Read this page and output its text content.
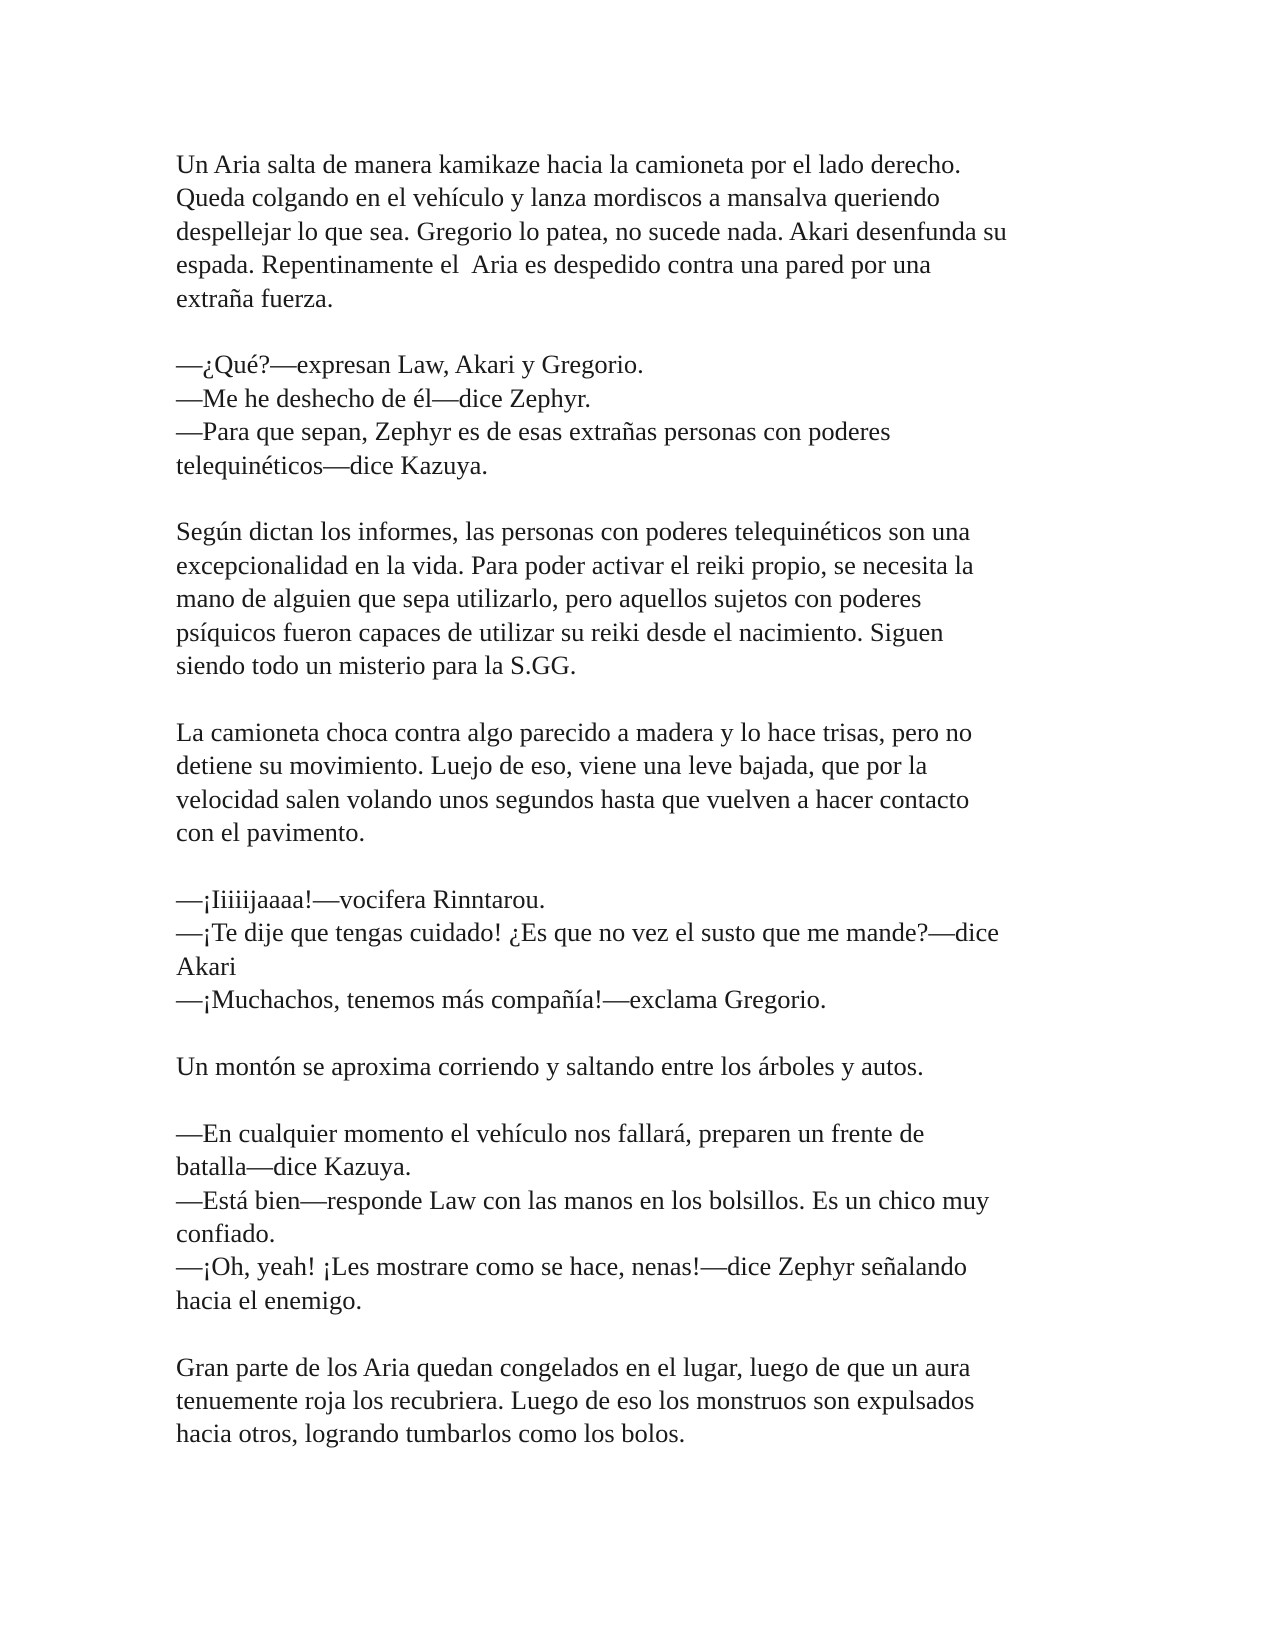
Un Aria salta de manera kamikaze hacia la camioneta por el lado derecho.
Queda colgando en el vehículo y lanza mordiscos a mansalva queriendo
despellejar lo que sea. Gregorio lo patea, no sucede nada. Akari desenfunda su
espada. Repentinamente el  Aria es despedido contra una pared por una
extraña fuerza.

—¿Qué?—expresan Law, Akari y Gregorio.
—Me he deshecho de él—dice Zephyr.
—Para que sepan, Zephyr es de esas extrañas personas con poderes
telequinéticos—dice Kazuya.

Según dictan los informes, las personas con poderes telequinéticos son una
excepcionalidad en la vida. Para poder activar el reiki propio, se necesita la
mano de alguien que sepa utilizarlo, pero aquellos sujetos con poderes
psíquicos fueron capaces de utilizar su reiki desde el nacimiento. Siguen
siendo todo un misterio para la S.GG.

La camioneta choca contra algo parecido a madera y lo hace trisas, pero no
detiene su movimiento. Luejo de eso, viene una leve bajada, que por la
velocidad salen volando unos segundos hasta que vuelven a hacer contacto
con el pavimento.

—¡Iiiiijaaaa!—vocifera Rinntarou.
—¡Te dije que tengas cuidado! ¿Es que no vez el susto que me mande?—dice
Akari
—¡Muchachos, tenemos más compañía!—exclama Gregorio.

Un montón se aproxima corriendo y saltando entre los árboles y autos.

—En cualquier momento el vehículo nos fallará, preparen un frente de
batalla—dice Kazuya.
—Está bien—responde Law con las manos en los bolsillos. Es un chico muy
confiado.
—¡Oh, yeah! ¡Les mostrare como se hace, nenas!—dice Zephyr señalando
hacia el enemigo.

Gran parte de los Aria quedan congelados en el lugar, luego de que un aura
tenuemente roja los recubriera. Luego de eso los monstruos son expulsados
hacia otros, logrando tumbarlos como los bolos.
